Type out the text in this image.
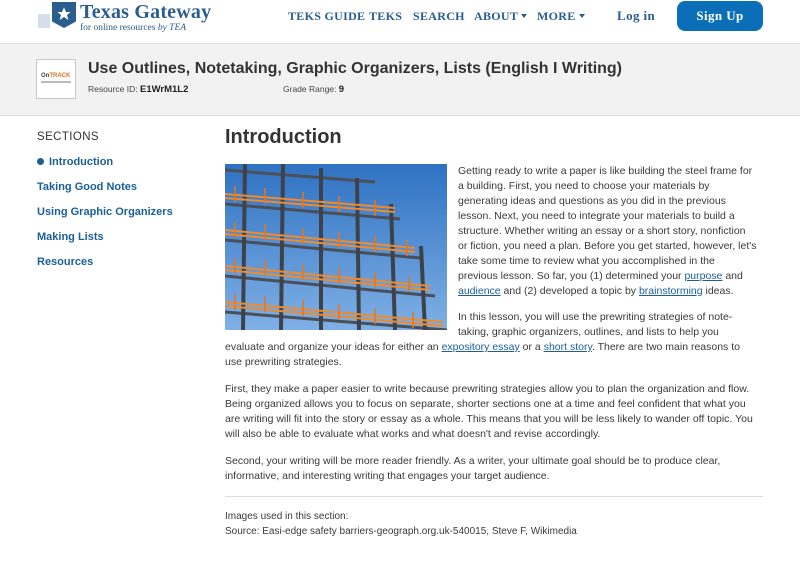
Texas Gateway
for online resources by TEA
TEKS GUIDE TEKS SEARCH ABOUT	MORE	Log in	Sign Up
OnTRACK Use Outlines, Notetaking, Graphic Organizers, Lists (English I Writing)
Resource ID: E1WrM1L2	Grade Range: 9
SECTIONS
Introduction
Taking Good Notes
Using Graphic Organizers
Making Lists
Resources
Introduction
Getting ready to write a paper is like building the steel frame for
a building. First, you need to choose your materials by
generating ideas and questions as you did in the previous
lesson. Next, you need to integrate your materials to build a
structure. Whether writing an essay or a short story, nonfiction
or fiction, you need a plan. Before you get started, however, let's
take some time to review what you accomplished in the
previous lesson. So far, you (1) determined your purpose and
audience and (2) developed a topic by brainstorming ideas.
In this lesson, you will use the prewriting strategies of note-
taking, graphic organizers, outlines, and lists to help you
evaluate and organize your ideas for either an expository essay or a short story. There are two main reasons to
use prewriting strategies.
First, they make a paper easier to write because prewriting strategies allow you to plan the organization and flow.
Being organized allows you to focus on separate, shorter sections one at a time and feel confident that what you
are writing will fit into the story or essay as a whole. This means that you will be less likely to wander off topic. You
will also be able to evaluate what works and what doesn't and revise accordingly.
Second, your writing will be more reader friendly. As a writer, your ultimate goal should be to produce clear,
informative, and interesting writing that engages your target audience.
Images used in this section:
Source: Easi-edge safety barriers-geograph.org.uk-540015, Steve F, Wikimedia
